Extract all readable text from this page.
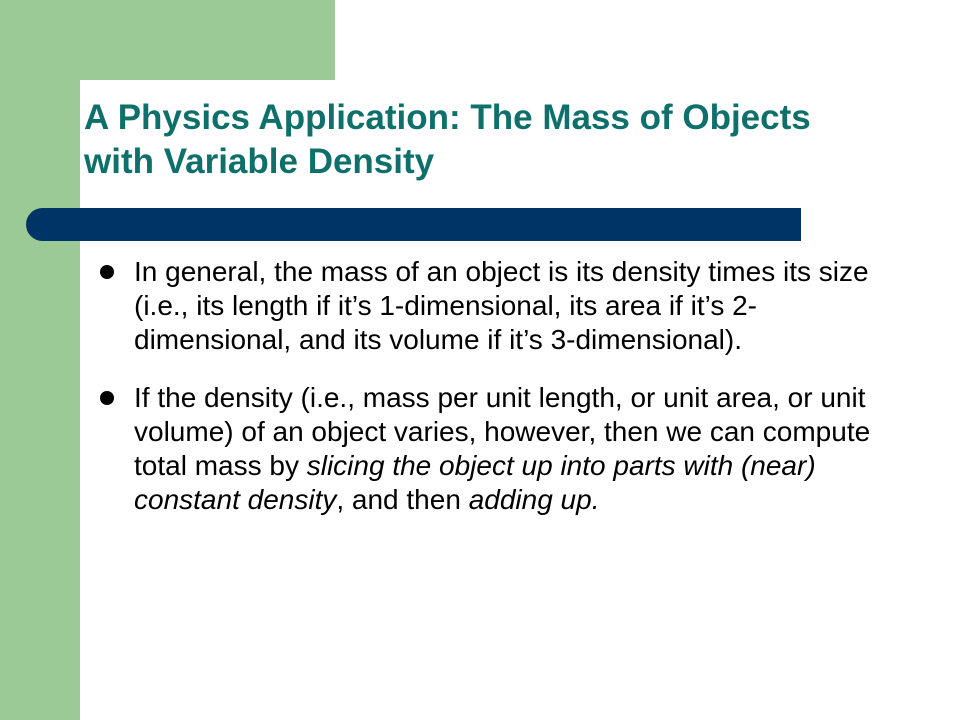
A Physics Application: The Mass of Objects with Variable Density
In general, the mass of an object is its density times its size (i.e., its length if it’s 1-dimensional, its area if it’s 2-dimensional, and its volume if it’s 3-dimensional).
If the density (i.e., mass per unit length, or unit area, or unit volume) of an object varies, however, then we can compute total mass by slicing the object up into parts with (near) constant density, and then adding up.
